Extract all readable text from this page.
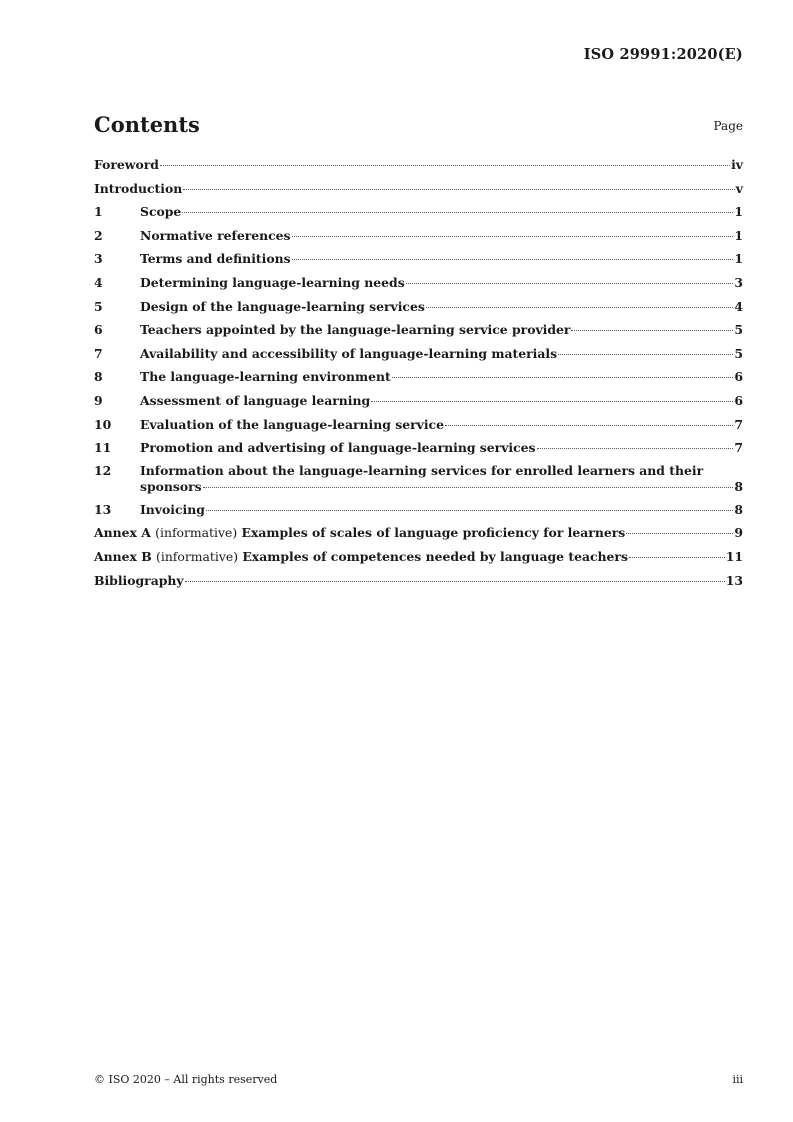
ISO 29991:2020(E)
Contents	Page
Foreword	iv
Introduction	v
1	Scope	1
2	Normative references	1
3	Terms and definitions	1
4	Determining language-learning needs	3
5	Design of the language-learning services	4
6	Teachers appointed by the language-learning service provider	5
7	Availability and accessibility of language-learning materials	5
8	The language-learning environment	6
9	Assessment of language learning	6
10	Evaluation of the language-learning service	7
11	Promotion and advertising of language-learning services	7
12	Information about the language-learning services for enrolled learners and their
sponsors	8
13	Invoicing	8
Annex A (informative) Examples of scales of language proficiency for learners	9
Annex B (informative) Examples of competences needed by language teachers	11
Bibliography	13
© ISO 2020 – All rights reserved	iii
